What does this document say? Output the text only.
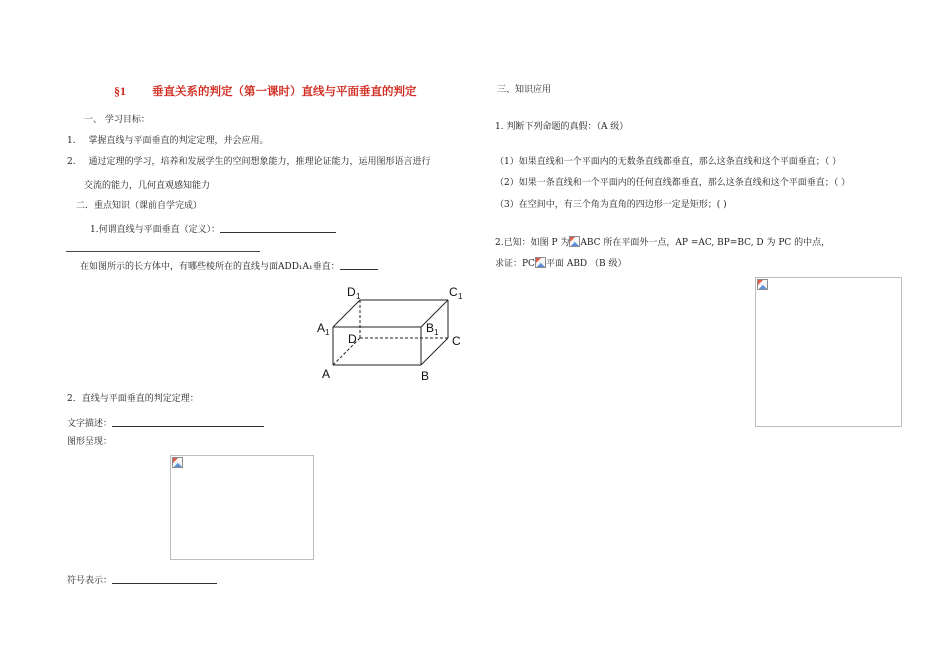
§1 垂直关系的判定（第一课时）直线与平面垂直的判定
一、 学习目标：
1. 掌握直线与平面垂直的判定定理，并会应用。
2. 通过定理的学习，培养和发展学生的空间想象能力，推理论证能力，运用图形语言进行
交流的能力，几何直观感知能力
二．重点知识（课前自学完成）
1.何谓直线与平面垂直（定义）：
在如图所示的长方体中，有哪些棱所在的直线与面ADD₁A₁垂直：
D 1	C 1
A 1	B 1
D	C
A	B
2．直线与平面垂直的判定定理：
文字描述：
图形呈现：
符号表示：
三、知识应用
1. 判断下列命题的真假：（A 级）
（1）如果直线和一个平面内的无数条直线都垂直，那么这条直线和这个平面垂直；（ ）
（2）如果一条直线和一个平面内的任何直线都垂直，那么这条直线和这个平面垂直；（ ）
（3）在空间中，有三个角为直角的四边形一定是矩形；( )
2.已知：如图 P 为 ABC 所在平面外一点，AP =AC, BP=BC, D 为 PC 的中点，
求证：PC 平面 ABD （B 级）
